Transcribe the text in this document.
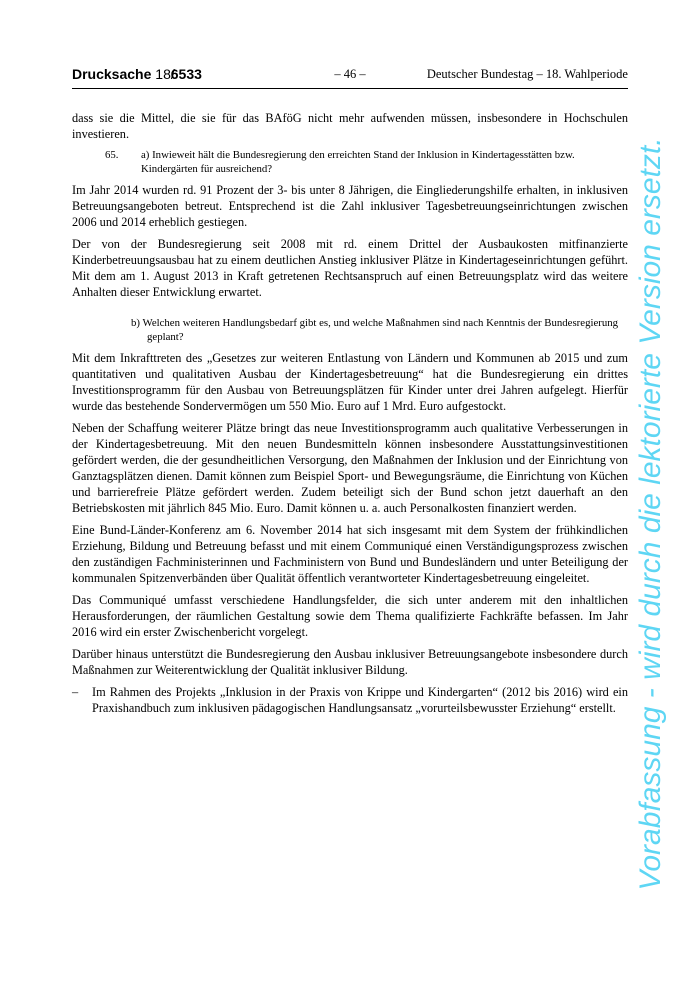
Drucksache 18/6533	– 46 –	Deutscher Bundestag – 18. Wahlperiode

dass sie die Mittel, die sie für das BAföG nicht mehr aufwenden müssen, insbesondere in Hochschulen investieren.

65. a) Inwieweit hält die Bundesregierung den erreichten Stand der Inklusion in Kindertagesstätten bzw. Kindergärten für ausreichend?

Im Jahr 2014 wurden rd. 91 Prozent der 3- bis unter 8 Jährigen, die Eingliederungshilfe erhalten, in inklusiven Betreuungsangeboten betreut. Entsprechend ist die Zahl inklusiver Tagesbetreuungseinrichtungen zwischen 2006 und 2014 erheblich gestiegen.

Der von der Bundesregierung seit 2008 mit rd. einem Drittel der Ausbaukosten mitfinanzierte Kinderbetreuungsausbau hat zu einem deutlichen Anstieg inklusiver Plätze in Kindertageseinrichtungen geführt. Mit dem am 1. August 2013 in Kraft getretenen Rechtsanspruch auf einen Betreuungsplatz wird das weitere Anhalten dieser Entwicklung erwartet.

b) Welchen weiteren Handlungsbedarf gibt es, und welche Maßnahmen sind nach Kenntnis der Bundesregierung geplant?

Mit dem Inkrafttreten des „Gesetzes zur weiteren Entlastung von Ländern und Kommunen ab 2015 und zum quantitativen und qualitativen Ausbau der Kindertagesbetreuung“ hat die Bundesregierung ein drittes Investitionsprogramm für den Ausbau von Betreuungsplätzen für Kinder unter drei Jahren aufgelegt. Hierfür wurde das bestehende Sondervermögen um 550 Mio. Euro auf 1 Mrd. Euro aufgestockt.

Neben der Schaffung weiterer Plätze bringt das neue Investitionsprogramm auch qualitative Verbesserungen in der Kindertagesbetreuung. Mit den neuen Bundesmitteln können insbesondere Ausstattungsinvestitionen gefördert werden, die der gesundheitlichen Versorgung, den Maßnahmen der Inklusion und der Einrichtung von Ganztagsplätzen dienen. Damit können zum Beispiel Sport- und Bewegungsräume, die Einrichtung von Küchen und barrierefreie Plätze gefördert werden. Zudem beteiligt sich der Bund schon jetzt dauerhaft an den Betriebskosten mit jährlich 845 Mio. Euro. Damit können u. a. auch Personalkosten finanziert werden.

Eine Bund-Länder-Konferenz am 6. November 2014 hat sich insgesamt mit dem System der frühkindlichen Erziehung, Bildung und Betreuung befasst und mit einem Communiqué einen Verständigungsprozess zwischen den zuständigen Fachministerinnen und Fachministern von Bund und Bundesländern und unter Beteiligung der kommunalen Spitzenverbänden über Qualität öffentlich verantworteter Kindertagesbetreuung eingeleitet.

Das Communiqué umfasst verschiedene Handlungsfelder, die sich unter anderem mit den inhaltlichen Herausforderungen, der räumlichen Gestaltung sowie dem Thema qualifizierte Fachkräfte befassen. Im Jahr 2016 wird ein erster Zwischenbericht vorgelegt.

Darüber hinaus unterstützt die Bundesregierung den Ausbau inklusiver Betreuungsangebote insbesondere durch Maßnahmen zur Weiterentwicklung der Qualität inklusiver Bildung.

– Im Rahmen des Projekts „Inklusion in der Praxis von Krippe und Kindergarten“ (2012 bis 2016) wird ein Praxishandbuch zum inklusiven pädagogischen Handlungsansatz „vorurteilsbewusster Erziehung“ erstellt. Vorabfassung - wird durch die lektorierte Version ersetzt.
